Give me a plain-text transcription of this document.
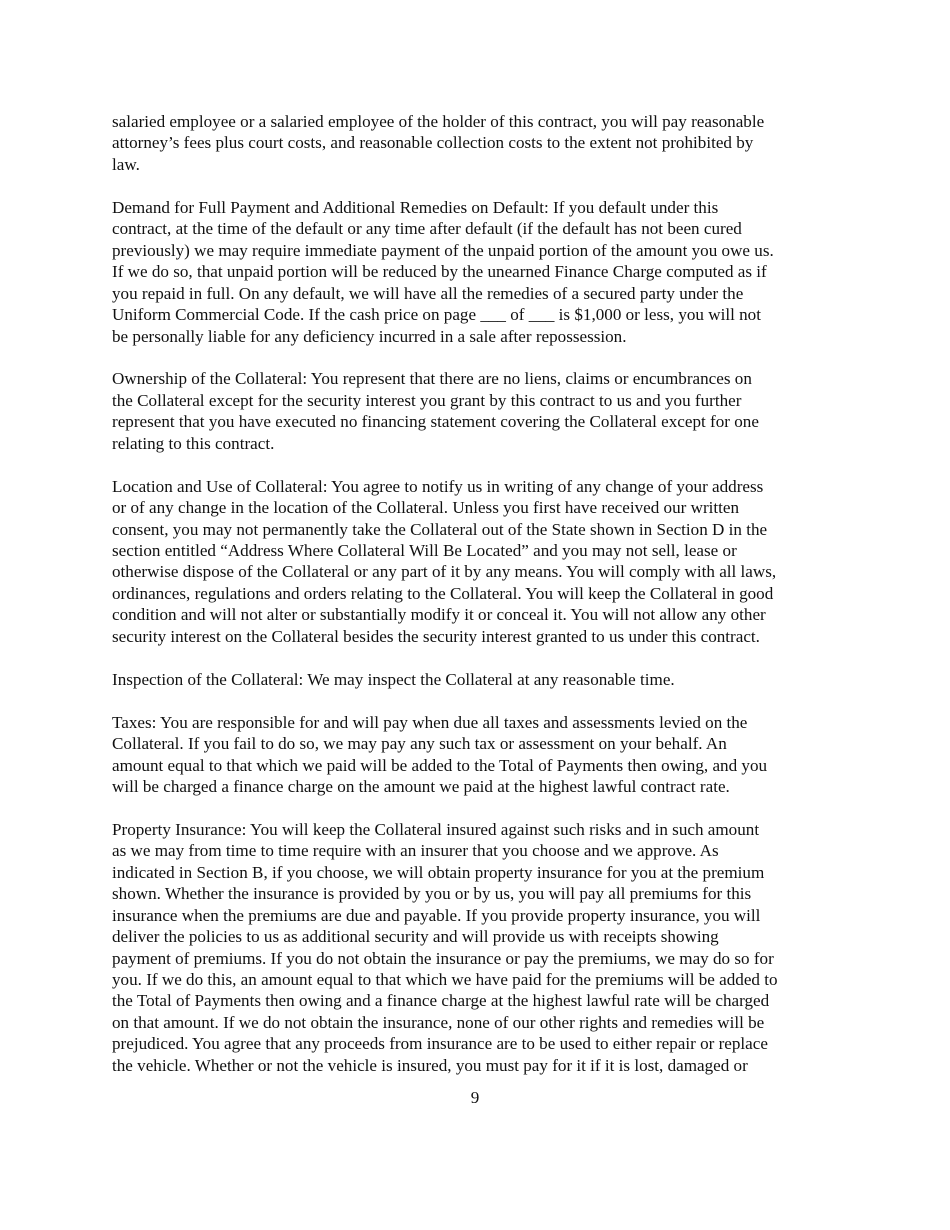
salaried employee or a salaried employee of the holder of this contract, you will pay reasonable
attorney’s fees plus court costs, and reasonable collection costs to the extent not prohibited by
law.

Demand for Full Payment and Additional Remedies on Default: If you default under this
contract, at the time of the default or any time after default (if the default has not been cured
previously) we may require immediate payment of the unpaid portion of the amount you owe us.
If we do so, that unpaid portion will be reduced by the unearned Finance Charge computed as if
you repaid in full. On any default, we will have all the remedies of a secured party under the
Uniform Commercial Code. If the cash price on page ___ of ___ is $1,000 or less, you will not
be personally liable for any deficiency incurred in a sale after repossession.

Ownership of the Collateral: You represent that there are no liens, claims or encumbrances on
the Collateral except for the security interest you grant by this contract to us and you further
represent that you have executed no financing statement covering the Collateral except for one
relating to this contract.

Location and Use of Collateral: You agree to notify us in writing of any change of your address
or of any change in the location of the Collateral. Unless you first have received our written
consent, you may not permanently take the Collateral out of the State shown in Section D in the
section entitled “Address Where Collateral Will Be Located” and you may not sell, lease or
otherwise dispose of the Collateral or any part of it by any means. You will comply with all laws,
ordinances, regulations and orders relating to the Collateral. You will keep the Collateral in good
condition and will not alter or substantially modify it or conceal it. You will not allow any other
security interest on the Collateral besides the security interest granted to us under this contract.

Inspection of the Collateral: We may inspect the Collateral at any reasonable time.

Taxes: You are responsible for and will pay when due all taxes and assessments levied on the
Collateral. If you fail to do so, we may pay any such tax or assessment on your behalf. An
amount equal to that which we paid will be added to the Total of Payments then owing, and you
will be charged a finance charge on the amount we paid at the highest lawful contract rate.

Property Insurance: You will keep the Collateral insured against such risks and in such amount
as we may from time to time require with an insurer that you choose and we approve. As
indicated in Section B, if you choose, we will obtain property insurance for you at the premium
shown. Whether the insurance is provided by you or by us, you will pay all premiums for this
insurance when the premiums are due and payable. If you provide property insurance, you will
deliver the policies to us as additional security and will provide us with receipts showing
payment of premiums. If you do not obtain the insurance or pay the premiums, we may do so for
you. If we do this, an amount equal to that which we have paid for the premiums will be added to
the Total of Payments then owing and a finance charge at the highest lawful rate will be charged
on that amount. If we do not obtain the insurance, none of our other rights and remedies will be
prejudiced. You agree that any proceeds from insurance are to be used to either repair or replace
the vehicle. Whether or not the vehicle is insured, you must pay for it if it is lost, damaged or

9
